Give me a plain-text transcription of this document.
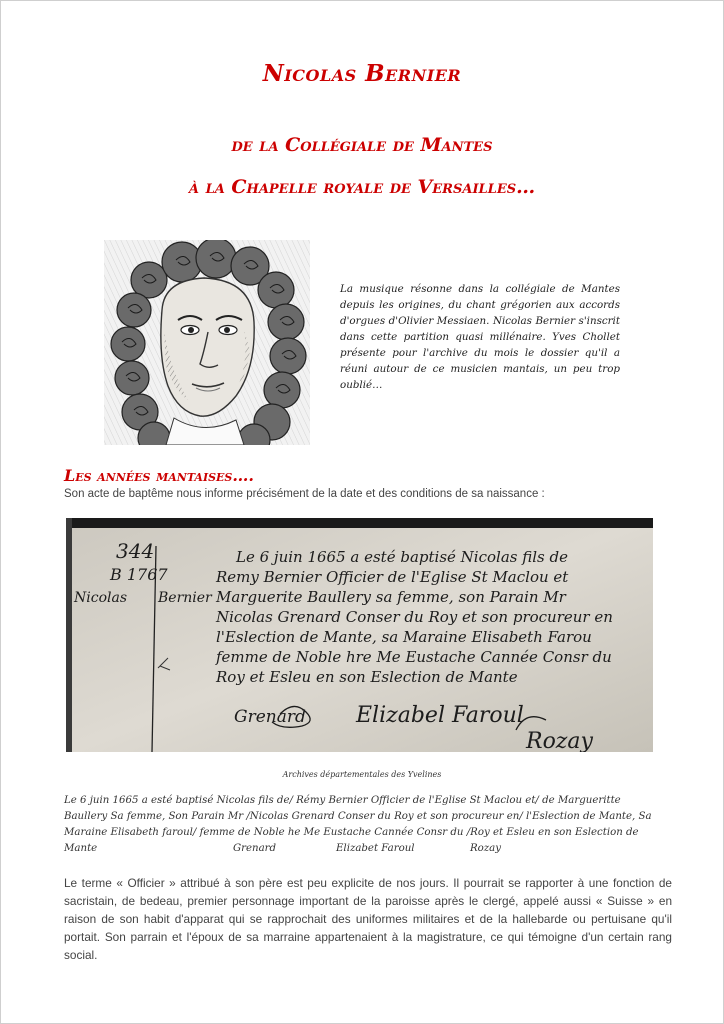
Nicolas Bernier
de la Collégiale de Mantes
à la Chapelle royale de Versailles…

La musique résonne dans la collégiale de Mantes depuis les origines, du chant grégorien aux accords d'orgues d'Olivier Messiaen. Nicolas Bernier s'inscrit dans cette partition quasi millénaire. Yves Chollet présente pour l'archive du mois le dossier qu'il a réuni autour de ce musicien mantais, un peu trop oublié…

Les années mantaises….

Son acte de baptême nous informe précisément de la date et des conditions de sa naissance :

344
B 1767
Nicolas Bernier
Le 6 juin 1665 a esté baptisé Nicolas fils de
Remy Bernier Officier de l'Eglise St Maclou et
Marguerite Baullery sa femme, son Parain Mr
Nicolas Grenard Conser du Roy et son procureur en
l'Eslection de Mante, sa Maraine Elisabeth Farou
femme de Noble hre Me Eustache Cannée Consr du
Roy et Esleu en son Eslection de Mante
Grenard Elizabel Faroul
Rozay

Archives départementales des Yvelines

Le 6 juin 1665 a esté baptisé Nicolas fils de/ Rémy Bernier Officier de l'Eglise St Maclou et/ de Margueritte Baullery Sa femme, Son Parain Mr /Nicolas Grenard Conser du Roy et son procureur en/ l'Eslection de Mante, Sa Maraine Elisabeth faroul/ femme de Noble he Me Eustache Cannée Consr du /Roy et Esleu en son Eslection de Mante	Grenard	Elizabet Faroul	Rozay

Le terme « Officier » attribué à son père est peu explicite de nos jours. Il pourrait se rapporter à une fonction de sacristain, de bedeau, premier personnage important de la paroisse après le clergé, appelé aussi « Suisse » en raison de son habit d'apparat qui se rapprochait des uniformes militaires et de la hallebarde ou pertuisane qu'il portait. Son parrain et l'époux de sa marraine appartenaient à la magistrature, ce qui témoigne d'un certain rang social.
